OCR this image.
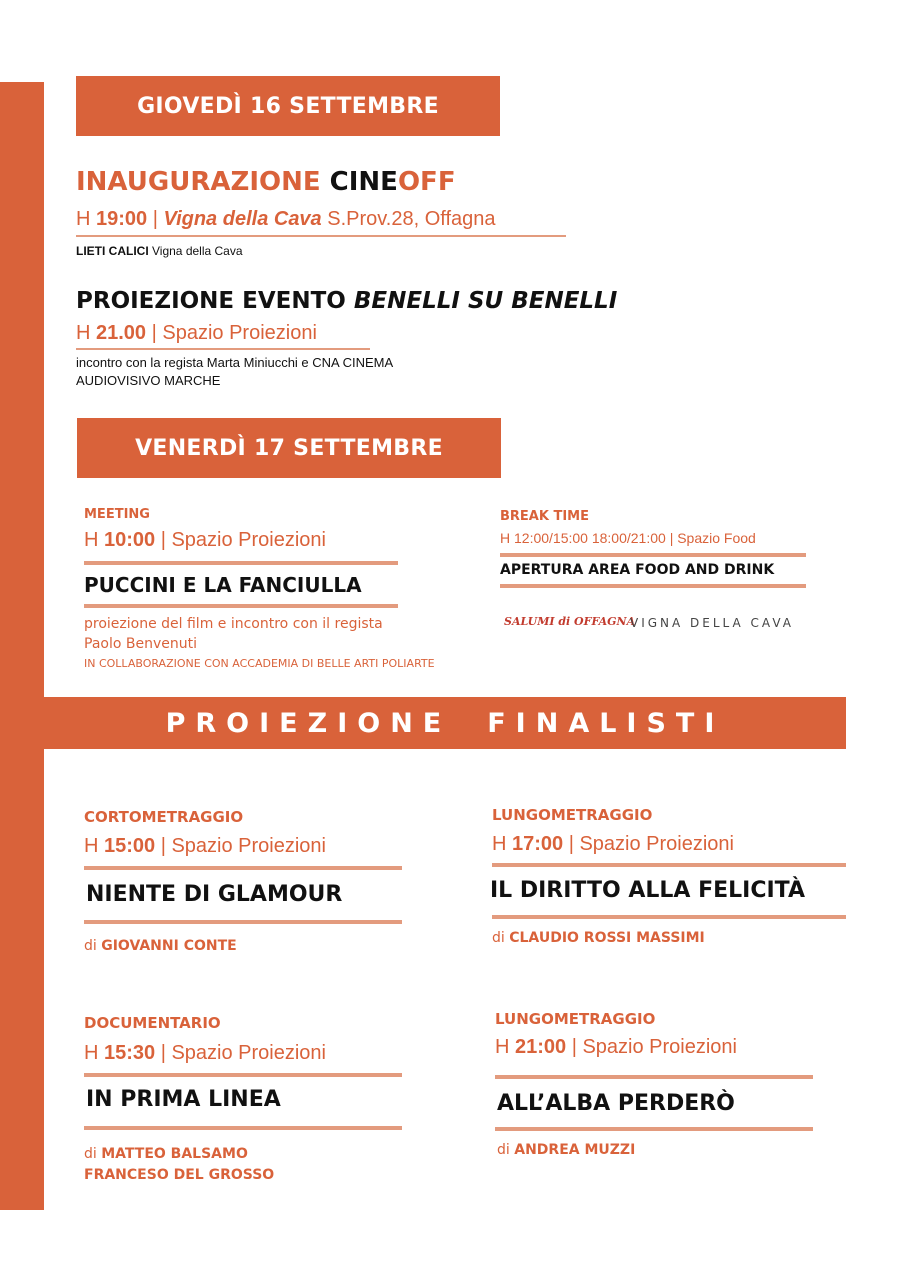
GIOVEDÌ 16 SETTEMBRE
INAUGURAZIONE CINEOFF
H 19:00 | Vigna della Cava S.Prov.28, Offagna
LIETI CALICI Vigna della Cava
PROIEZIONE EVENTO BENELLI SU BENELLI
H 21.00 | Spazio Proiezioni
incontro con la regista Marta Miniucchi e CNA CINEMA
AUDIOVISIVO MARCHE
VENERDÌ 17 SETTEMBRE
MEETING
H 10:00 | Spazio Proiezioni
PUCCINI E LA FANCIULLA
proiezione del film e incontro con il regista
Paolo Benvenuti
IN COLLABORAZIONE CON ACCADEMIA DI BELLE ARTI POLIARTE
BREAK TIME
H 12:00/15:00 18:00/21:00 | Spazio Food
APERTURA AREA FOOD AND DRINK
SALUMI di OFFAGNA
VIGNA DELLA CAVA
PROIEZIONE FINALISTI
CORTOMETRAGGIO
H 15:00 | Spazio Proiezioni
NIENTE DI GLAMOUR
di GIOVANNI CONTE
LUNGOMETRAGGIO
H 17:00 | Spazio Proiezioni
IL DIRITTO ALLA FELICITÀ
di CLAUDIO ROSSI MASSIMI
DOCUMENTARIO
H 15:30 | Spazio Proiezioni
IN PRIMA LINEA
di MATTEO BALSAMO
FRANCESO DEL GROSSO
LUNGOMETRAGGIO
H 21:00 | Spazio Proiezioni
ALL’ALBA PERDERÒ
di ANDREA MUZZI
